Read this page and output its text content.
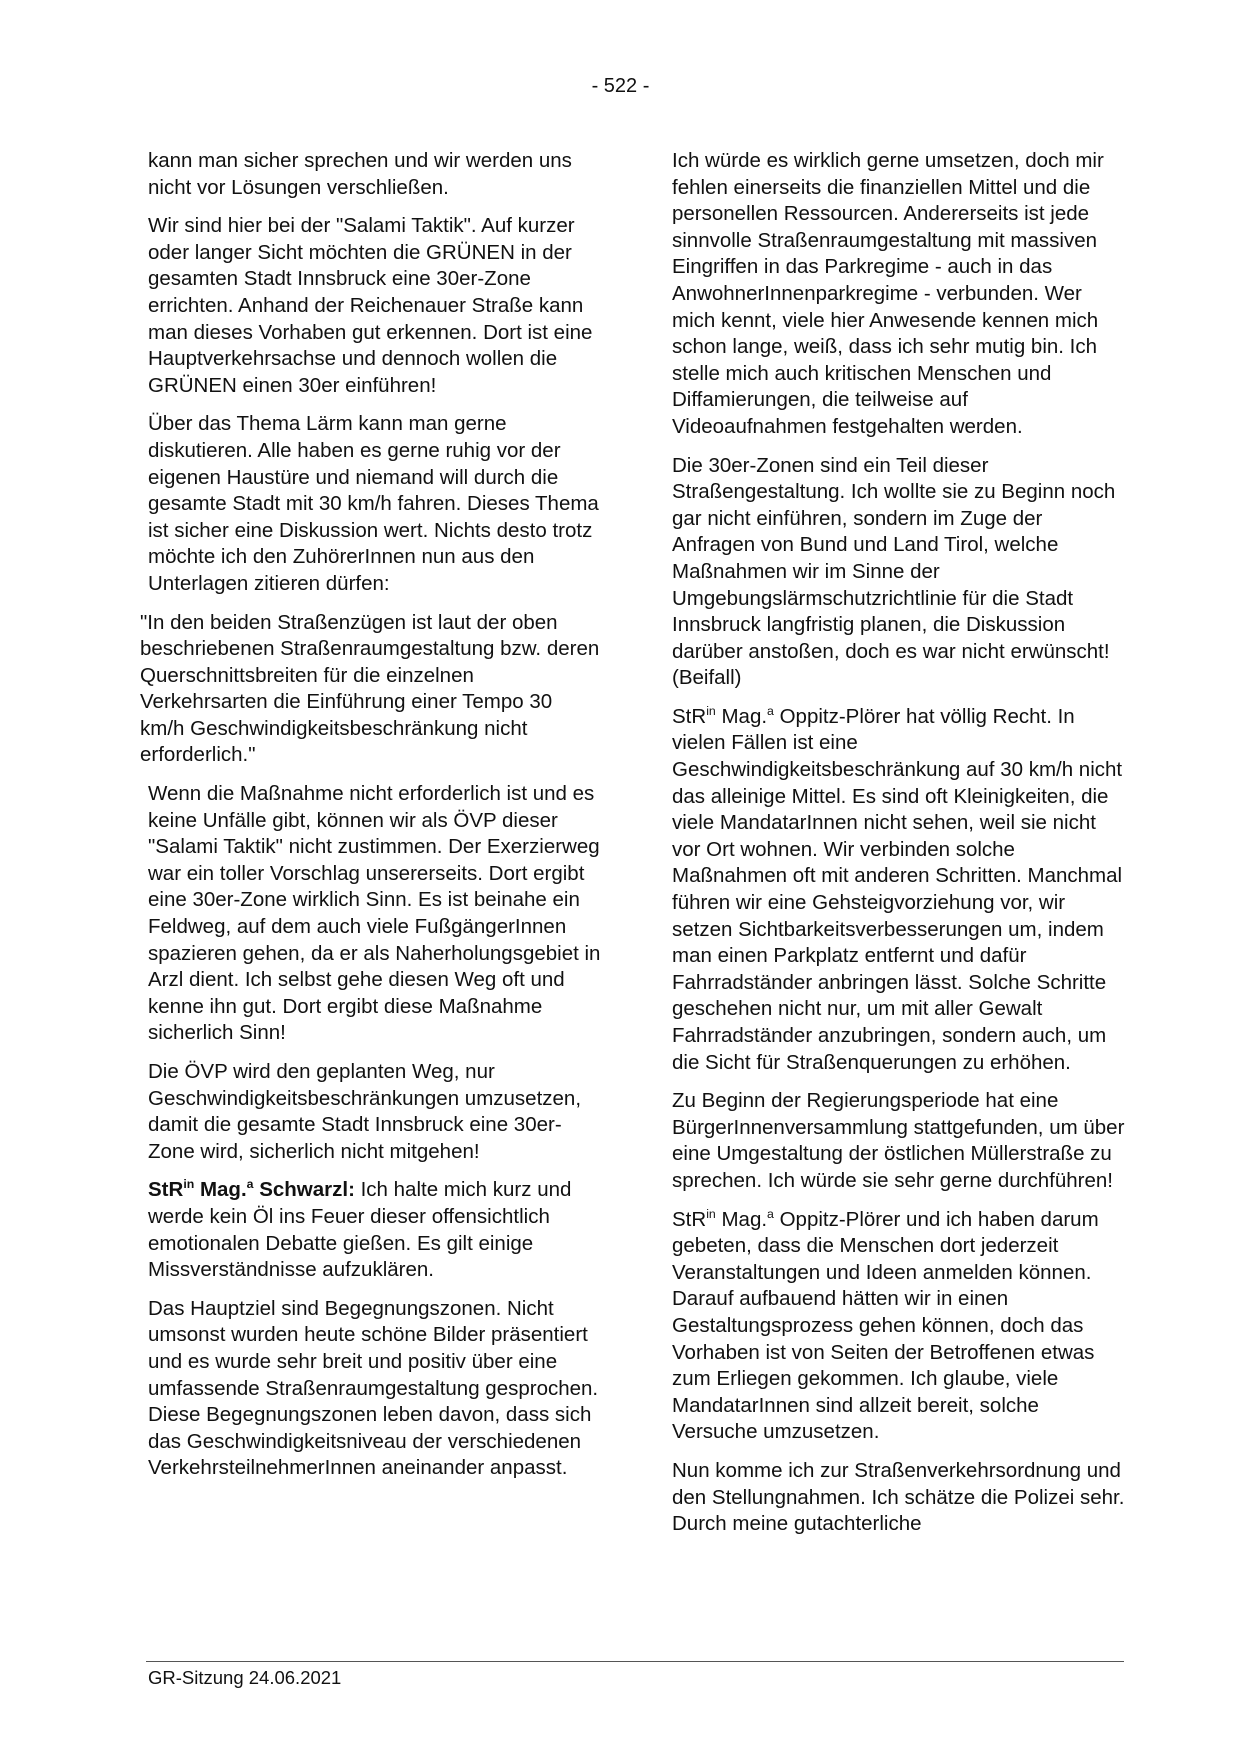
- 522 -

kann man sicher sprechen und wir werden uns nicht vor Lösungen verschließen.

Wir sind hier bei der "Salami Taktik". Auf kurzer oder langer Sicht möchten die GRÜNEN in der gesamten Stadt Innsbruck eine 30er-Zone errichten. Anhand der Reichenauer Straße kann man dieses Vorhaben gut erkennen. Dort ist eine Hauptverkehrsachse und dennoch wollen die GRÜNEN einen 30er einführen!

Über das Thema Lärm kann man gerne diskutieren. Alle haben es gerne ruhig vor der eigenen Haustüre und niemand will durch die gesamte Stadt mit 30 km/h fahren. Dieses Thema ist sicher eine Diskussion wert. Nichts desto trotz möchte ich den ZuhörerInnen nun aus den Unterlagen zitieren dürfen:

"In den beiden Straßenzügen ist laut der oben beschriebenen Straßenraumgestaltung bzw. deren Querschnittsbreiten für die einzelnen Verkehrsarten die Einführung einer Tempo 30 km/h Geschwindigkeitsbeschränkung nicht erforderlich."

Wenn die Maßnahme nicht erforderlich ist und es keine Unfälle gibt, können wir als ÖVP dieser "Salami Taktik" nicht zustimmen. Der Exerzierweg war ein toller Vorschlag unsererseits. Dort ergibt eine 30er-Zone wirklich Sinn. Es ist beinahe ein Feldweg, auf dem auch viele FußgängerInnen spazieren gehen, da er als Naherholungsgebiet in Arzl dient. Ich selbst gehe diesen Weg oft und kenne ihn gut. Dort ergibt diese Maßnahme sicherlich Sinn!

Die ÖVP wird den geplanten Weg, nur Geschwindigkeitsbeschränkungen umzusetzen, damit die gesamte Stadt Innsbruck eine 30er-Zone wird, sicherlich nicht mitgehen!

StR$^{in}$ Mag.$^a$ Schwarzl: Ich halte mich kurz und werde kein Öl ins Feuer dieser offensichtlich emotionalen Debatte gießen. Es gilt einige Missverständnisse aufzuklären.

Das Hauptziel sind Begegnungszonen. Nicht umsonst wurden heute schöne Bilder präsentiert und es wurde sehr breit und positiv über eine umfassende Straßenraumgestaltung gesprochen. Diese Begegnungszonen leben davon, dass sich das Geschwindigkeitsniveau der verschiedenen VerkehrsteilnehmerInnen aneinander anpasst.

Ich würde es wirklich gerne umsetzen, doch mir fehlen einerseits die finanziellen Mittel und die personellen Ressourcen. Andererseits ist jede sinnvolle Straßenraumgestaltung mit massiven Eingriffen in das Parkregime - auch in das AnwohnerInnenparkregime - verbunden. Wer mich kennt, viele hier Anwesende kennen mich schon lange, weiß, dass ich sehr mutig bin. Ich stelle mich auch kritischen Menschen und Diffamierungen, die teilweise auf Videoaufnahmen festgehalten werden.

Die 30er-Zonen sind ein Teil dieser Straßengestaltung. Ich wollte sie zu Beginn noch gar nicht einführen, sondern im Zuge der Anfragen von Bund und Land Tirol, welche Maßnahmen wir im Sinne der Umgebungslärmschutzrichtlinie für die Stadt Innsbruck langfristig planen, die Diskussion darüber anstoßen, doch es war nicht erwünscht! (Beifall)

StR$^{in}$ Mag.$^a$ Oppitz-Plörer hat völlig Recht. In vielen Fällen ist eine Geschwindigkeitsbeschränkung auf 30 km/h nicht das alleinige Mittel. Es sind oft Kleinigkeiten, die viele MandatarInnen nicht sehen, weil sie nicht vor Ort wohnen. Wir verbinden solche Maßnahmen oft mit anderen Schritten. Manchmal führen wir eine Gehsteigvorziehung vor, wir setzen Sichtbarkeitsverbesserungen um, indem man einen Parkplatz entfernt und dafür Fahrradständer anbringen lässt. Solche Schritte geschehen nicht nur, um mit aller Gewalt Fahrradständer anzubringen, sondern auch, um die Sicht für Straßenquerungen zu erhöhen.

Zu Beginn der Regierungsperiode hat eine BürgerInnenversammlung stattgefunden, um über eine Umgestaltung der östlichen Müllerstraße zu sprechen. Ich würde sie sehr gerne durchführen!

StR$^{in}$ Mag.$^a$ Oppitz-Plörer und ich haben darum gebeten, dass die Menschen dort jederzeit Veranstaltungen und Ideen anmelden können. Darauf aufbauend hätten wir in einen Gestaltungsprozess gehen können, doch das Vorhaben ist von Seiten der Betroffenen etwas zum Erliegen gekommen. Ich glaube, viele MandatarInnen sind allzeit bereit, solche Versuche umzusetzen.

Nun komme ich zur Straßenverkehrsordnung und den Stellungnahmen. Ich schätze die Polizei sehr. Durch meine gutachterliche

GR-Sitzung 24.06.2021
